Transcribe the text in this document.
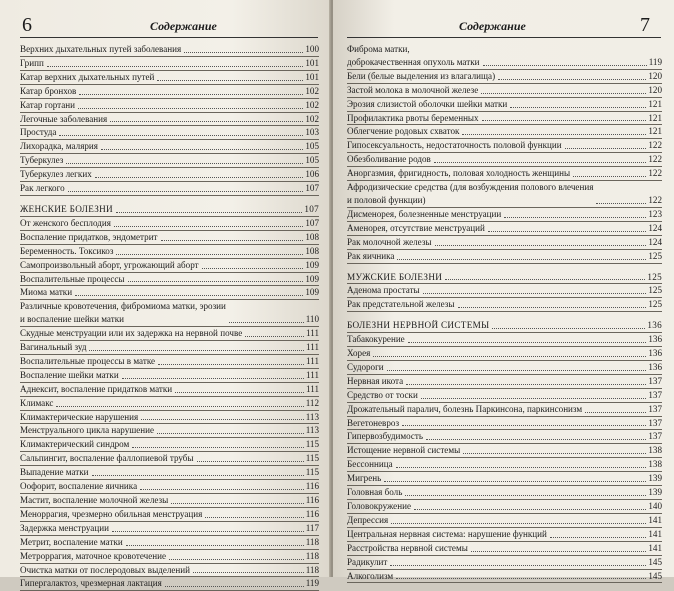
6	Содержание
Верхних дыхательных путей заболевания	100
Грипп	101
Катар верхних дыхательных путей	101
Катар бронхов	102
Катар гортани	102
Легочные заболевания	102
Простуда	103
Лихорадка, малярия	105
Туберкулез	105
Туберкулез легких	106
Рак легкого	107
ЖЕНСКИЕ БОЛЕЗНИ	107
От женского бесплодия	107
Воспаление придатков, эндометрит	108
Беременность. Токсикоз	108
Самопроизвольный аборт, угрожающий аборт	109
Воспалительные процессы	109
Миома матки	109
Различные кровотечения, фибромиома матки, эрозии
и воспаление шейки матки	110
Скудные менструации или их задержка на нервной почве	111
Вагинальный зуд	111
Воспалительные процессы в матке	111
Воспаление шейки матки	111
Аднексит, воспаление придатков матки	111
Климакс	112
Климактерические нарушения	113
Менструального цикла нарушение	113
Климактерический синдром	115
Сальпингит, воспаление фаллопиевой трубы	115
Выпадение матки	115
Оофорит, воспаление яичника	116
Мастит, воспаление молочной железы	116
Меноррагия, чрезмерно обильная менструация	116
Задержка менструации	117
Метрит, воспаление матки	118
Метроррагия, маточное кровотечение	118
Очистка матки от послеродовых выделений	118
Гипергалактоз, чрезмерная лактация	119
Содержание	7
Фиброма матки,
доброкачественная опухоль матки	119
Бели (белые выделения из влагалища)	120
Застой молока в молочной железе	120
Эрозия слизистой оболочки шейки матки	121
Профилактика рвоты беременных	121
Облегчение родовых схваток	121
Гипосексуальность, недостаточность половой функции	122
Обезболивание родов	122
Аноргазмия, фригидность, половая холодность женщины	122
Афродизические средства (для возбуждения полового влечения
и половой функции)	122
Дисменорея, болезненные менструации	123
Аменорея, отсутствие менструаций	124
Рак молочной железы	124
Рак яичника	125
МУЖСКИЕ БОЛЕЗНИ	125
Аденома простаты	125
Рак предстательной железы	125
БОЛЕЗНИ НЕРВНОЙ СИСТЕМЫ	136
Табакокурение	136
Хорея	136
Судороги	136
Нервная икота	137
Средство от тоски	137
Дрожательный паралич, болезнь Паркинсона, паркинсонизм	137
Вегетоневроз	137
Гипервозбудимость	137
Истощение нервной системы	138
Бессонница	138
Мигрень	139
Головная боль	139
Головокружение	140
Депрессия	141
Центральная нервная система: нарушение функций	141
Расстройства нервной системы	141
Радикулит	145
Алкоголизм	145
